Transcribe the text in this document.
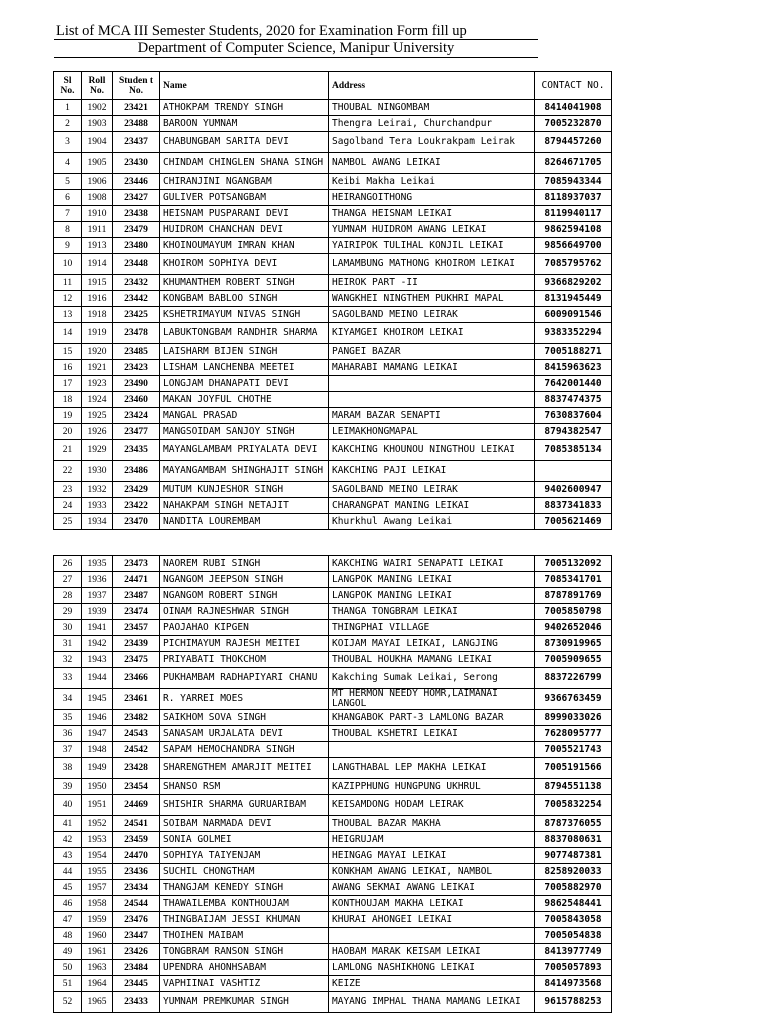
List of MCA III Semester Students, 2020 for Examination Form fill up
Department of Computer Science, Manipur University
Sl No.	Roll No.	Studen t No.	Name	Address	CONTACT NO.
1	1902	23421	ATHOKPAM TRENDY SINGH	THOUBAL NINGOMBAM	8414041908
2	1903	23488	BAROON YUMNAM	Thengra Leirai, Churchandpur	7005232870
3	1904	23437	CHABUNGBAM SARITA DEVI	Sagolband Tera Loukrakpam Leirak	8794457260
4	1905	23430	CHINDAM CHINGLEN SHANA SINGH	NAMBOL AWANG LEIKAI	8264671705
5	1906	23446	CHIRANJINI NGANGBAM	Keibi Makha Leikai	7085943344
6	1908	23427	GULIVER POTSANGBAM	HEIRANGOITHONG	8118937037
7	1910	23438	HEISNAM PUSPARANI DEVI	THANGA HEISNAM LEIKAI	8119940117
8	1911	23479	HUIDROM CHANCHAN DEVI	YUMNAM HUIDROM AWANG LEIKAI	9862594108
9	1913	23480	KHOINOUMAYUM IMRAN KHAN	YAIRIPOK TULIHAL KONJIL LEIKAI	9856649700
10	1914	23448	KHOIROM SOPHIYA DEVI	LAMAMBUNG MATHONG KHOIROM LEIKAI	7085795762
11	1915	23432	KHUMANTHEM ROBERT SINGH	HEIROK PART -II	9366829202
12	1916	23442	KONGBAM BABLOO SINGH	WANGKHEI NINGTHEM PUKHRI MAPAL	8131945449
13	1918	23425	KSHETRIMAYUM NIVAS SINGH	SAGOLBAND MEINO LEIRAK	6009091546
14	1919	23478	LABUKTONGBAM RANDHIR SHARMA	KIYAMGEI KHOIROM LEIKAI	9383352294
15	1920	23485	LAISHARM BIJEN SINGH	PANGEI BAZAR	7005188271
16	1921	23423	LISHAM LANCHENBA MEETEI	MAHARABI MAMANG LEIKAI	8415963623
17	1923	23490	LONGJAM DHANAPATI DEVI		7642001440
18	1924	23460	MAKAN JOYFUL CHOTHE		8837474375
19	1925	23424	MANGAL PRASAD	MARAM BAZAR SENAPTI	7630837604
20	1926	23477	MANGSOIDAM SANJOY SINGH	LEIMAKHONGMAPAL	8794382547
21	1929	23435	MAYANGLAMBAM PRIYALATA DEVI	KAKCHING KHOUNOU NINGTHOU LEIKAI	7085385134
22	1930	23486	MAYANGAMBAM SHINGHAJIT SINGH	KAKCHING PAJI LEIKAI	
23	1932	23429	MUTUM KUNJESHOR SINGH	SAGOLBAND MEINO LEIRAK	9402600947
24	1933	23422	NAHAKPAM SINGH NETAJIT	CHARANGPAT MANING LEIKAI	8837341833
25	1934	23470	NANDITA LOUREMBAM	Khurkhul Awang Leikai	7005621469
26	1935	23473	NAOREM RUBI SINGH	KAKCHING WAIRI SENAPATI LEIKAI	7005132092
27	1936	24471	NGANGOM JEEPSON SINGH	LANGPOK MANING LEIKAI	7085341701
28	1937	23487	NGANGOM ROBERT SINGH	LANGPOK MANING LEIKAI	8787891769
29	1939	23474	OINAM RAJNESHWAR SINGH	THANGA TONGBRAM LEIKAI	7005850798
30	1941	23457	PAOJAHAO KIPGEN	THINGPHAI VILLAGE	9402652046
31	1942	23439	PICHIMAYUM RAJESH MEITEI	KOIJAM MAYAI LEIKAI, LANGJING	8730919965
32	1943	23475	PRIYABATI THOKCHOM	THOUBAL HOUKHA MAMANG LEIKAI	7005909655
33	1944	23466	PUKHAMBAM RADHAPIYARI CHANU	Kakching Sumak Leikai, Serong	8837226799
34	1945	23461	R. YARREI MOES	MT HERMON NEEDY HOMR,LAIMANAI LANGOL	9366763459
35	1946	23482	SAIKHOM SOVA SINGH	KHANGABOK PART-3 LAMLONG BAZAR	8999033026
36	1947	24543	SANASAM URJALATA DEVI	THOUBAL KSHETRI LEIKAI	7628095777
37	1948	24542	SAPAM HEMOCHANDRA SINGH		7005521743
38	1949	23428	SHARENGTHEM AMARJIT MEITEI	LANGTHABAL LEP MAKHA LEIKAI	7005191566
39	1950	23454	SHANSO RSM	KAZIPPHUNG HUNGPUNG UKHRUL	8794551138
40	1951	24469	SHISHIR SHARMA GURUARIBAM	KEISAMDONG HODAM LEIRAK	7005832254
41	1952	24541	SOIBAM NARMADA DEVI	THOUBAL BAZAR MAKHA	8787376055
42	1953	23459	SONIA GOLMEI	HEIGRUJAM	8837080631
43	1954	24470	SOPHIYA TAIYENJAM	HEINGAG MAYAI LEIKAI	9077487381
44	1955	23436	SUCHIL CHONGTHAM	KONKHAM AWANG LEIKAI, NAMBOL	8258920033
45	1957	23434	THANGJAM KENEDY SINGH	AWANG SEKMAI AWANG LEIKAI	7005882970
46	1958	24544	THAWAILEMBA KONTHOUJAM	KONTHOUJAM MAKHA LEIKAI	9862548441
47	1959	23476	THINGBAIJAM JESSI KHUMAN	KHURAI AHONGEI LEIKAI	7005843058
48	1960	23447	THOIHEN MAIBAM		7005054838
49	1961	23426	TONGBRAM RANSON SINGH	HAOBAM MARAK KEISAM LEIKAI	8413977749
50	1963	23484	UPENDRA AHONHSABAM	LAMLONG NASHIKHONG LEIKAI	7005057893
51	1964	23445	VAPHIINAI VASHTIZ	KEIZE	8414973568
52	1965	23433	YUMNAM PREMKUMAR SINGH	MAYANG IMPHAL THANA MAMANG LEIKAI	9615788253
